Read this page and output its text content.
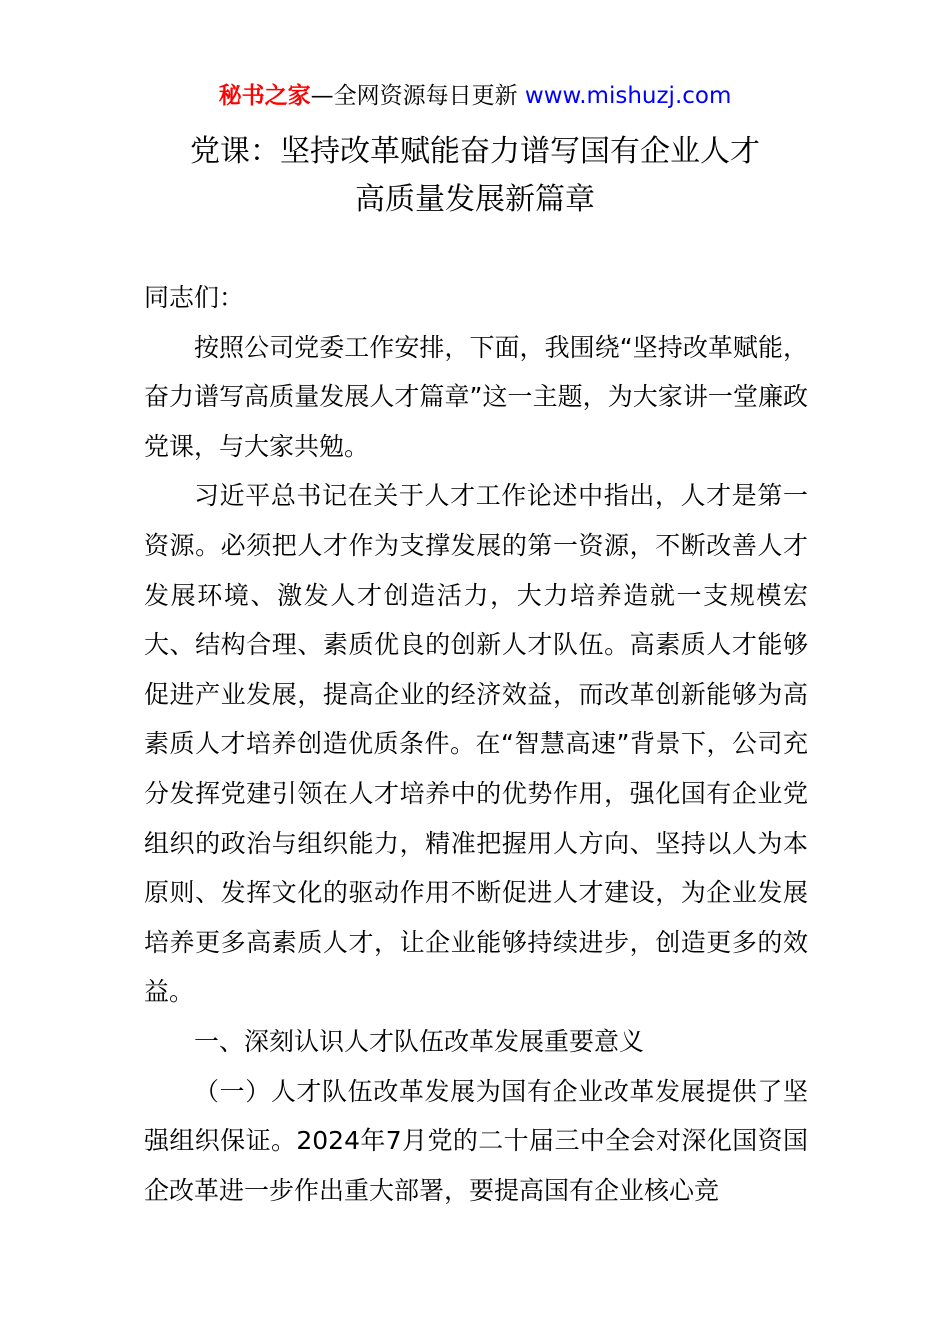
秘书之家—全网资源每日更新 www.mishuzj.com
党课：坚持改革赋能奋力谱写国有企业人才
高质量发展新篇章

同志们：

按照公司党委工作安排，下面，我围绕“坚持改革赋能，奋力谱写高质量发展人才篇章”这一主题，为大家讲一堂廉政党课，与大家共勉。

习近平总书记在关于人才工作论述中指出，人才是第一资源。必须把人才作为支撑发展的第一资源，不断改善人才发展环境、激发人才创造活力，大力培养造就一支规模宏大、结构合理、素质优良的创新人才队伍。高素质人才能够促进产业发展，提高企业的经济效益，而改革创新能够为高素质人才培养创造优质条件。在“智慧高速”背景下，公司充分发挥党建引领在人才培养中的优势作用，强化国有企业党组织的政治与组织能力，精准把握用人方向、坚持以人为本原则、发挥文化的驱动作用不断促进人才建设，为企业发展培养更多高素质人才，让企业能够持续进步，创造更多的效益。

一、深刻认识人才队伍改革发展重要意义

（一）人才队伍改革发展为国有企业改革发展提供了坚强组织保证。2024年7月党的二十届三中全会对深化国资国企改革进一步作出重大部署，要提高国有企业核心竞
